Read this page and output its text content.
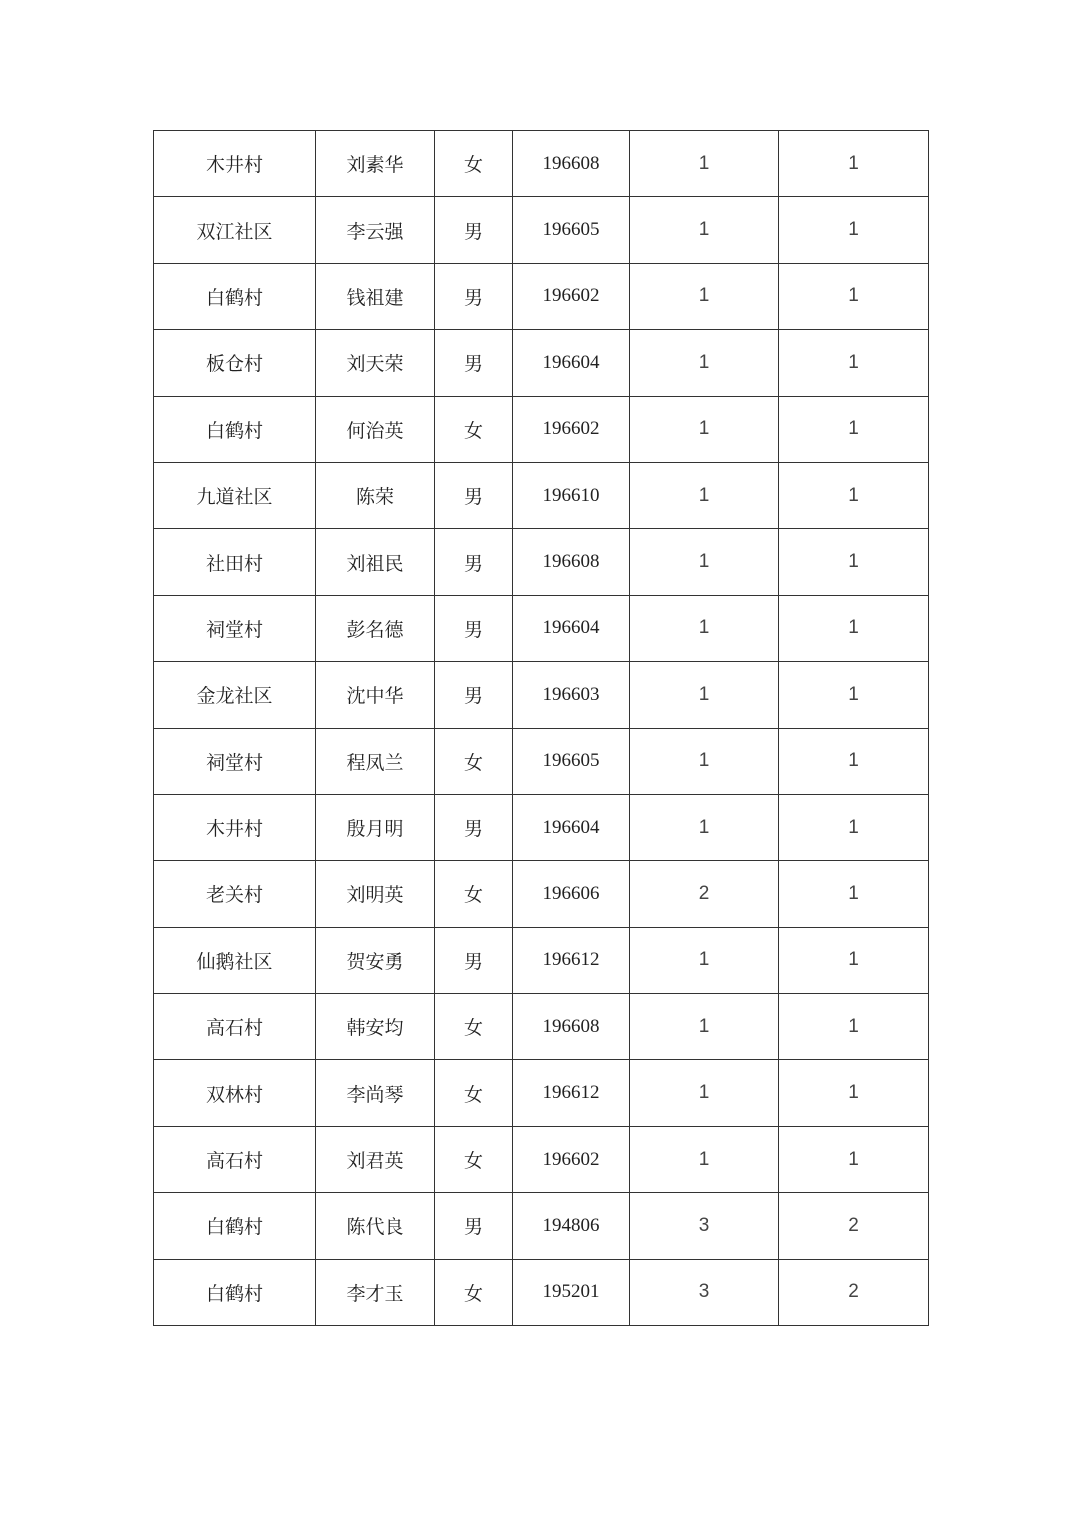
木井村	刘素华	女	196608	1	1
双江社区	李云强	男	196605	1	1
白鹤村	钱祖建	男	196602	1	1
板仓村	刘天荣	男	196604	1	1
白鹤村	何治英	女	196602	1	1
九道社区	陈荣	男	196610	1	1
社田村	刘祖民	男	196608	1	1
祠堂村	彭名德	男	196604	1	1
金龙社区	沈中华	男	196603	1	1
祠堂村	程凤兰	女	196605	1	1
木井村	殷月明	男	196604	1	1
老关村	刘明英	女	196606	2	1
仙鹅社区	贺安勇	男	196612	1	1
高石村	韩安均	女	196608	1	1
双林村	李尚琴	女	196612	1	1
高石村	刘君英	女	196602	1	1
白鹤村	陈代良	男	194806	3	2
白鹤村	李才玉	女	195201	3	2
